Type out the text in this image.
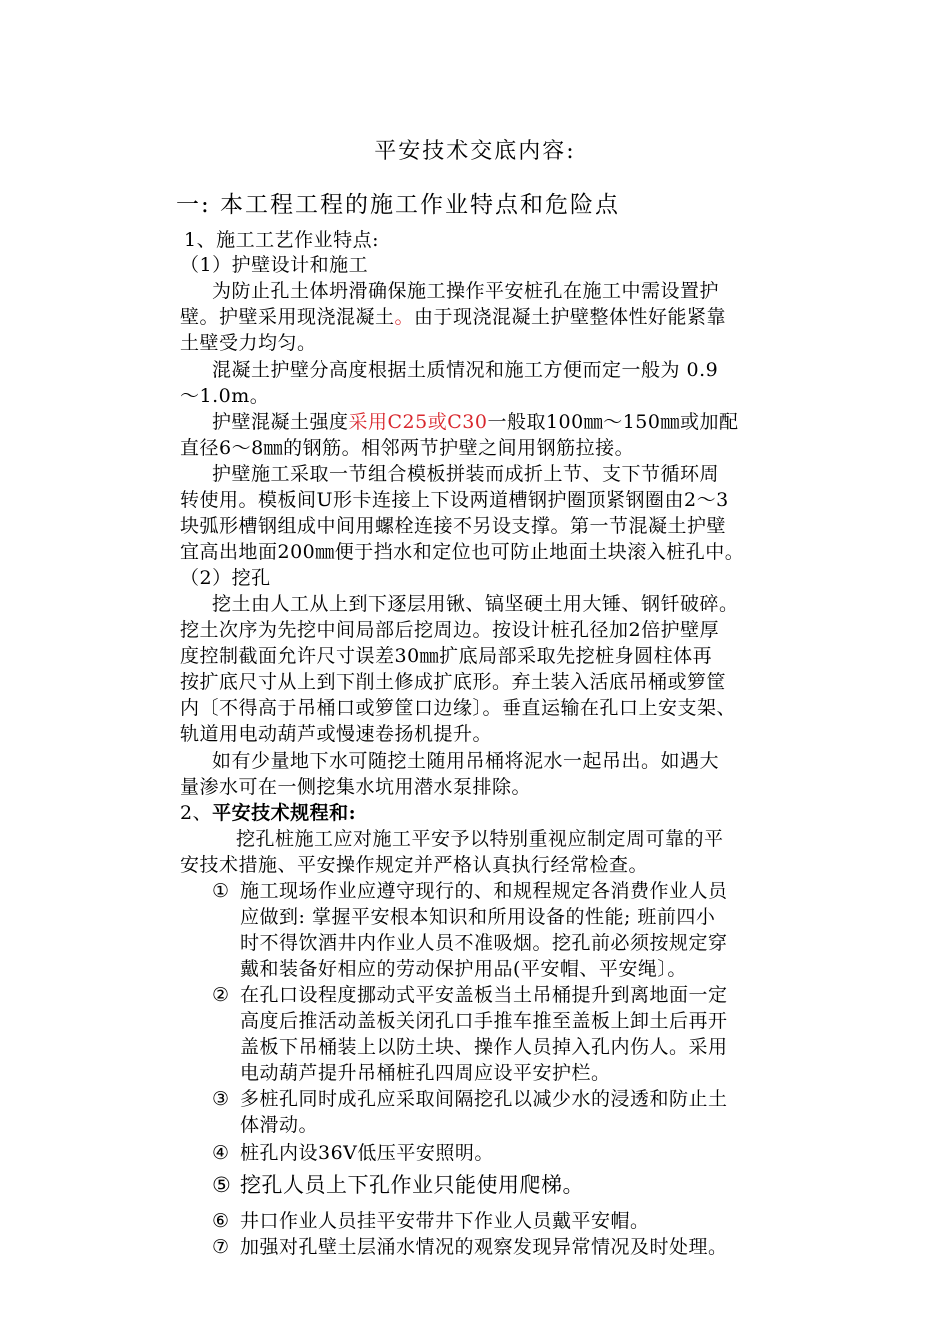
平安技术交底内容:
一: 本工程工程的施工作业特点和危险点
1、施工工艺作业特点:
（1）护壁设计和施工
为防止孔土体坍滑确保施工操作平安桩孔在施工中需设置护
壁。护壁采用现浇混凝土。由于现浇混凝土护壁整体性好能紧靠
土壁受力均匀。
混凝土护壁分高度根据土质情况和施工方便而定一般为 0.9
～1.0m。
护壁混凝土强度采用C25或C30一般取100㎜～150㎜或加配
直径6～8㎜的钢筋。相邻两节护壁之间用钢筋拉接。
护壁施工采取一节组合模板拼装而成折上节、支下节循环周
转使用。模板间U形卡连接上下设两道槽钢护圈顶紧钢圈由2～3
块弧形槽钢组成中间用螺栓连接不另设支撑。第一节混凝土护壁
宜高出地面200㎜便于挡水和定位也可防止地面土块滚入桩孔中。
（2）挖孔
挖土由人工从上到下逐层用锹、镐坚硬土用大锤、钢钎破碎。
挖土次序为先挖中间局部后挖周边。按设计桩孔径加2倍护壁厚
度控制截面允许尺寸误差30㎜扩底局部采取先挖桩身圆柱体再
按扩底尺寸从上到下削土修成扩底形。弃土装入活底吊桶或箩筐
内〔不得高于吊桶口或箩筐口边缘〕。垂直运输在孔口上安支架、
轨道用电动葫芦或慢速卷扬机提升。
如有少量地下水可随挖土随用吊桶将泥水一起吊出。如遇大
量渗水可在一侧挖集水坑用潜水泵排除。
2、平安技术规程和:
挖孔桩施工应对施工平安予以特别重视应制定周可靠的平
安技术措施、平安操作规定并严格认真执行经常检查。
① 施工现场作业应遵守现行的、和规程规定各消费作业人员
应做到: 掌握平安根本知识和所用设备的性能; 班前四小
时不得饮酒井内作业人员不准吸烟。挖孔前必须按规定穿
戴和装备好相应的劳动保护用品(平安帽、平安绳〕。
② 在孔口设程度挪动式平安盖板当土吊桶提升到离地面一定
高度后推活动盖板关闭孔口手推车推至盖板上卸土后再开
盖板下吊桶装上以防土块、操作人员掉入孔内伤人。采用
电动葫芦提升吊桶桩孔四周应设平安护栏。
③ 多桩孔同时成孔应采取间隔挖孔以减少水的浸透和防止土
体滑动。
④ 桩孔内设36V低压平安照明。
⑤ 挖孔人员上下孔作业只能使用爬梯。
⑥ 井口作业人员挂平安带井下作业人员戴平安帽。
⑦ 加强对孔壁土层涌水情况的观察发现异常情况及时处理。
